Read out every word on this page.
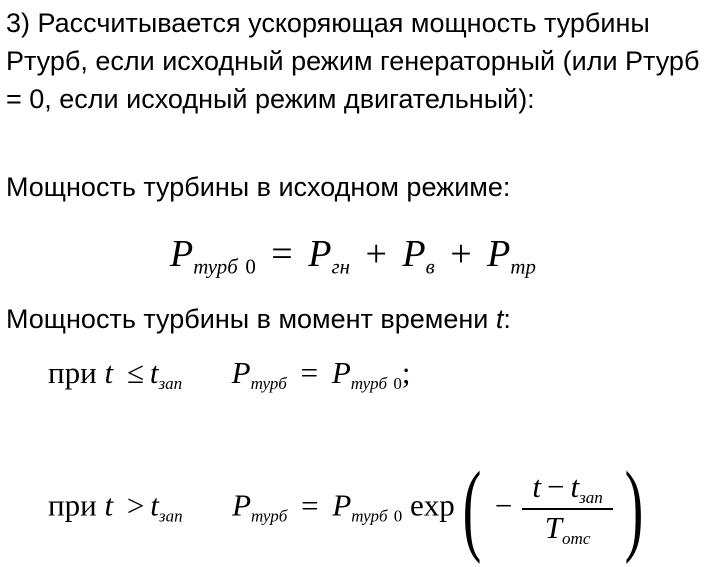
3) Рассчитывается ускоряющая мощность турбины Ртурб, если исходный режим генераторный (или Ртурб = 0, если исходный режим двигательный):

Мощность турбины в исходном режиме:

$P_{турб}$  $0 = P_{гн} + P_в + P_{тр}$

Мощность турбины в момент времени t:

при $t \le t_{зап}$ $P_{турб} = P_{турб}$  0;
при $t > t_{зап}$ $P_{турб} = P_{турб}$  0 $\exp( - \frac{t - t_{зап}}{T_{отс}}$ )
